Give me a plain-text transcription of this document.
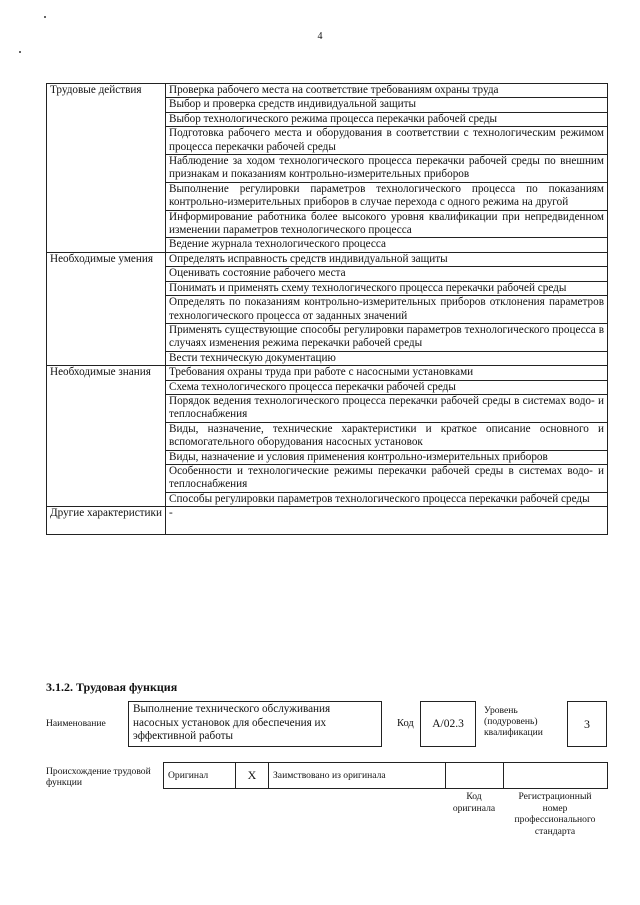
4
Трудовые действия	Проверка рабочего места на соответствие требованиям охраны труда
	Выбор и проверка средств индивидуальной защиты
	Выбор технологического режима процесса перекачки рабочей среды
	Подготовка рабочего места и оборудования в соответствии с технологическим режимом процесса перекачки рабочей среды
	Наблюдение за ходом технологического процесса перекачки рабочей среды по внешним признакам и показаниям контрольно-измерительных приборов
	Выполнение регулировки параметров технологического процесса по показаниям контрольно-измерительных приборов в случае перехода с одного режима на другой
	Информирование работника более высокого уровня квалификации при непредвиденном изменении параметров технологического процесса
	Ведение журнала технологического процесса
Необходимые умения	Определять исправность средств индивидуальной защиты
	Оценивать состояние рабочего места
	Понимать и применять схему технологического процесса перекачки рабочей среды
	Определять по показаниям контрольно-измерительных приборов отклонения параметров технологического процесса от заданных значений
	Применять существующие способы регулировки параметров технологического процесса в случаях изменения режима перекачки рабочей среды
	Вести техническую документацию
Необходимые знания	Требования охраны труда при работе с насосными установками
	Схема технологического процесса перекачки рабочей среды
	Порядок ведения технологического процесса перекачки рабочей среды в системах водо- и теплоснабжения
	Виды, назначение, технические характеристики и краткое описание основного и вспомогательного оборудования насосных установок
	Виды, назначение и условия применения контрольно-измерительных приборов
	Особенности и технологические режимы перекачки рабочей среды в системах водо- и теплоснабжения
	Способы регулировки параметров технологического процесса перекачки рабочей среды
Другие характеристики	-
3.1.2. Трудовая функция
Наименование
Выполнение технического обслуживания насосных установок для обеспечения их эффективной работы
Код	A/02.3
Уровень (подуровень) квалификации
3
Происхождение трудовой функции
Оригинал	X	Заимствовано из оригинала
Код оригинала
Регистрационный номер профессионального стандарта
